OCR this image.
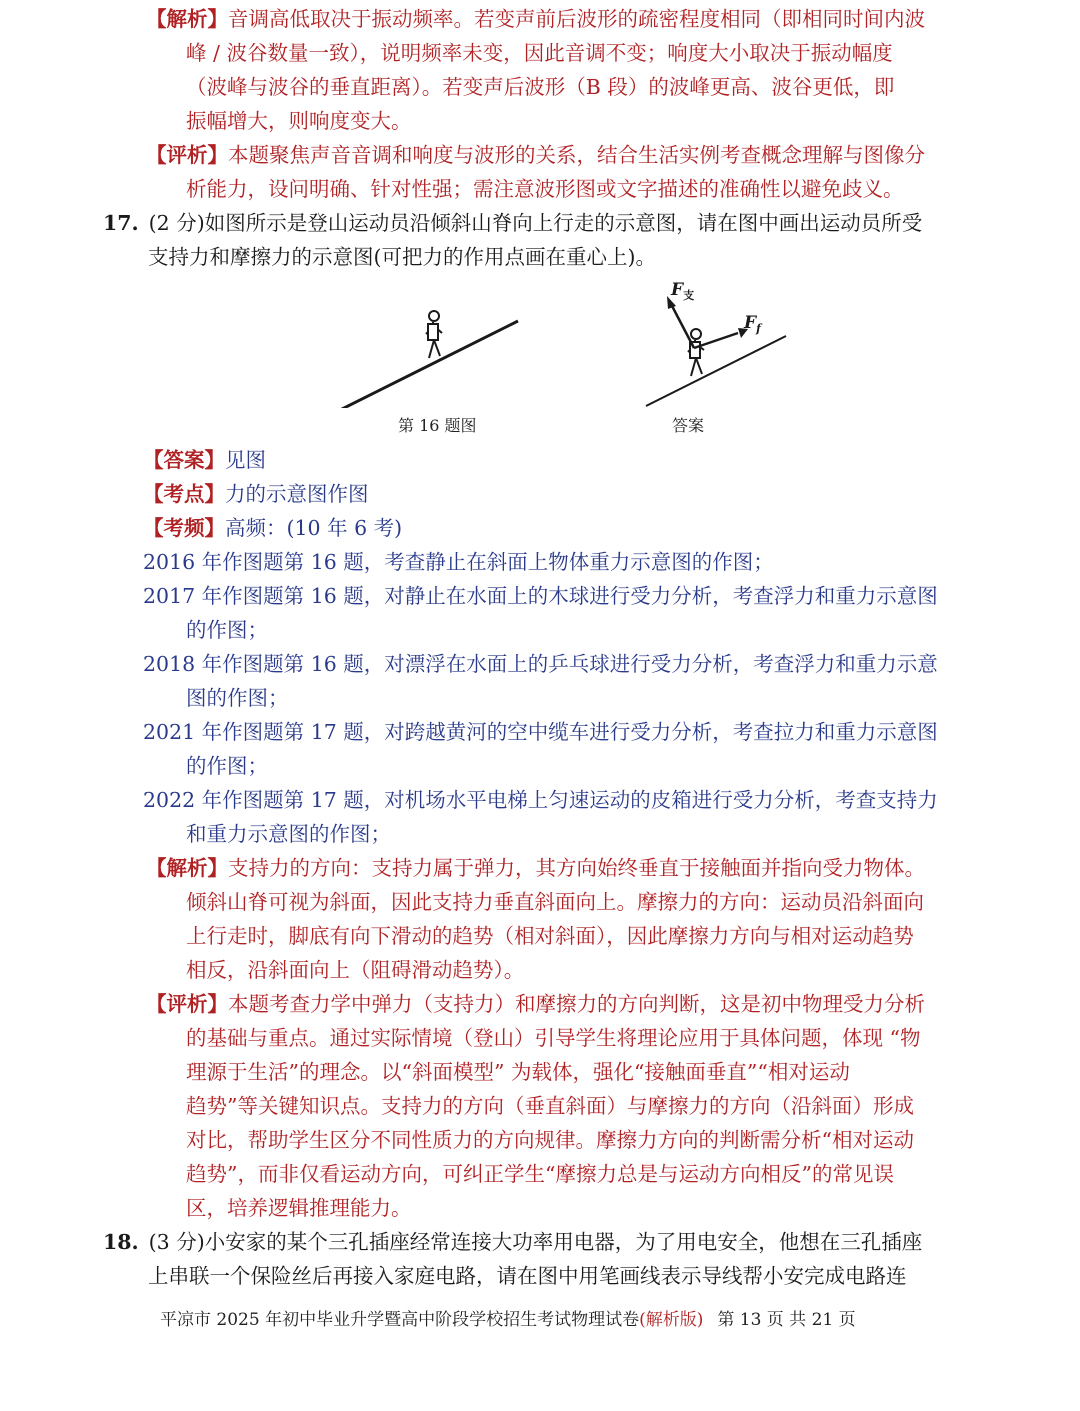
【解析】音调高低取决于振动频率。若变声前后波形的疏密程度相同（即相同时间内波
峰 / 波谷数量一致），说明频率未变，因此音调不变；响度大小取决于振动幅度
（波峰与波谷的垂直距离）。若变声后波形（B 段）的波峰更高、波谷更低，即
振幅增大，则响度变大。
【评析】本题聚焦声音音调和响度与波形的关系，结合生活实例考查概念理解与图像分
析能力，设问明确、针对性强；需注意波形图或文字描述的准确性以避免歧义。
17. (2 分)如图所示是登山运动员沿倾斜山脊向上行走的示意图，请在图中画出运动员所受
支持力和摩擦力的示意图(可把力的作用点画在重心上)。
$F_支$
$F_f$
第 16 题图	答案
【答案】见图
【考点】力的示意图作图
【考频】高频：(10 年 6 考)
2016 年作图题第 16 题，考查静止在斜面上物体重力示意图的作图；
2017 年作图题第 16 题，对静止在水面上的木球进行受力分析，考查浮力和重力示意图
的作图；
2018 年作图题第 16 题，对漂浮在水面上的乒乓球进行受力分析，考查浮力和重力示意
图的作图；
2021 年作图题第 17 题，对跨越黄河的空中缆车进行受力分析，考查拉力和重力示意图
的作图；
2022 年作图题第 17 题，对机场水平电梯上匀速运动的皮箱进行受力分析，考查支持力
和重力示意图的作图；
【解析】支持力的方向：支持力属于弹力，其方向始终垂直于接触面并指向受力物体。
倾斜山脊可视为斜面，因此支持力垂直斜面向上。摩擦力的方向：运动员沿斜面向
上行走时，脚底有向下滑动的趋势（相对斜面），因此摩擦力方向与相对运动趋势
相反，沿斜面向上（阻碍滑动趋势）。
【评析】本题考查力学中弹力（支持力）和摩擦力的方向判断，这是初中物理受力分析
的基础与重点。通过实际情境（登山）引导学生将理论应用于具体问题，体现 “物
理源于生活”的理念。以“斜面模型” 为载体，强化“接触面垂直”“相对运动
趋势”等关键知识点。支持力的方向（垂直斜面）与摩擦力的方向（沿斜面）形成
对比，帮助学生区分不同性质力的方向规律。摩擦力方向的判断需分析“相对运动
趋势”，而非仅看运动方向，可纠正学生“摩擦力总是与运动方向相反”的常见误
区，培养逻辑推理能力。
18. (3 分)小安家的某个三孔插座经常连接大功率用电器，为了用电安全，他想在三孔插座
上串联一个保险丝后再接入家庭电路，请在图中用笔画线表示导线帮小安完成电路连
平凉市 2025 年初中毕业升学暨高中阶段学校招生考试物理试卷(解析版) 第 13 页 共 21 页
